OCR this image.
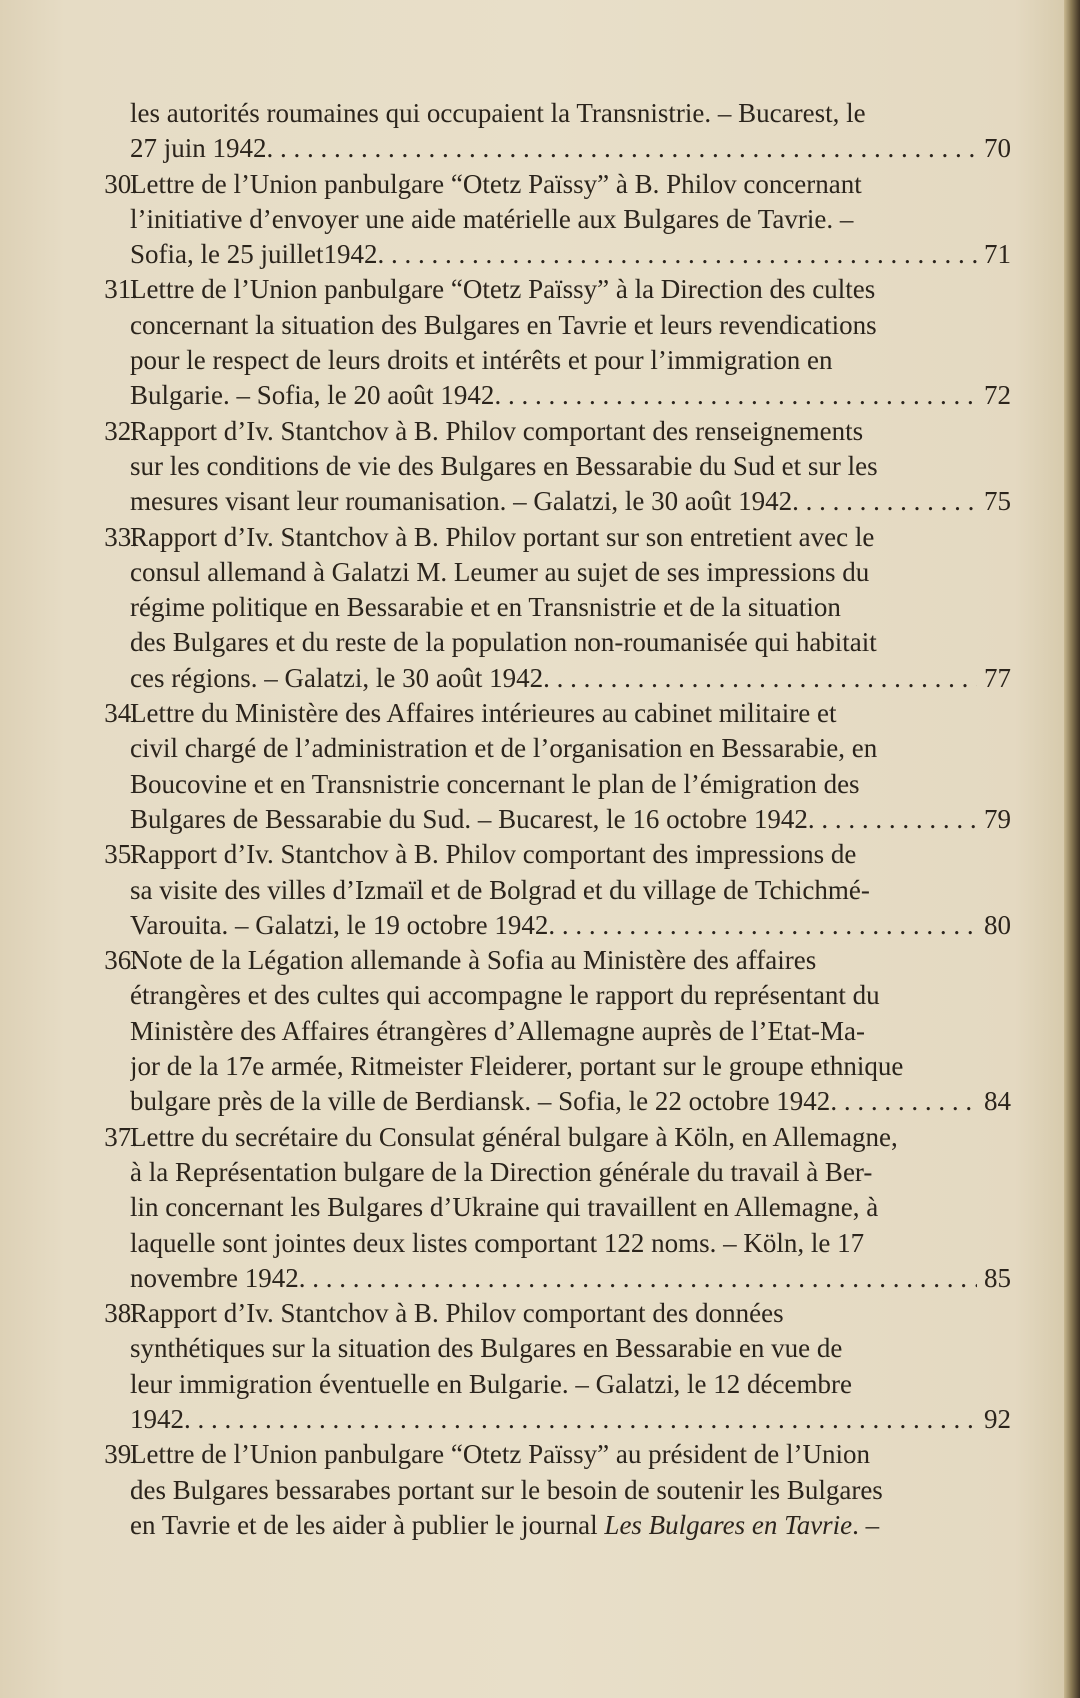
les autorités roumaines qui occupaient la Transnistrie. – Bucarest, le
27 juin 1942 . . .	70
30.
Lettre de l’Union panbulgare “Otetz Païssy” à B. Philov concernant
l’initiative d’envoyer une aide matérielle aux Bulgares de Tavrie. –
Sofia, le 25 juillet1942 . . .	71
31.
Lettre de l’Union panbulgare “Otetz Païssy” à la Direction des cultes
concernant la situation des Bulgares en Tavrie et leurs revendications
pour le respect de leurs droits et intérêts et pour l’immigration en
Bulgarie. – Sofia, le 20 août 1942 . . .	72
32.
Rapport d’Iv. Stantchov à B. Philov comportant des renseignements
sur les conditions de vie des Bulgares en Bessarabie du Sud et sur les
mesures visant leur roumanisation. – Galatzi, le 30 août 1942 . . .	75
33.
Rapport d’Iv. Stantchov à B. Philov portant sur son entretient avec le
consul allemand à Galatzi M. Leumer au sujet de ses impressions du
régime politique en Bessarabie et en Transnistrie et de la situation
des Bulgares et du reste de la population non-roumanisée qui habitait
ces régions. – Galatzi, le 30 août 1942 . . .	77
34.
Lettre du Ministère des Affaires intérieures au cabinet militaire et
civil chargé de l’administration et de l’organisation en Bessarabie, en
Boucovine et en Transnistrie concernant le plan de l’émigration des
Bulgares de Bessarabie du Sud. – Bucarest, le 16 octobre 1942 . . .	79
35.
Rapport d’Iv. Stantchov à B. Philov comportant des impressions de
sa visite des villes d’Izmaïl et de Bolgrad et du village de Tchichmé-
Varouita. – Galatzi, le 19 octobre 1942 . . .	80
36.
Note de la Légation allemande à Sofia au Ministère des affaires
étrangères et des cultes qui accompagne le rapport du représentant du
Ministère des Affaires étrangères d’Allemagne auprès de l’Etat-Ma-
jor de la 17e armée, Ritmeister Fleiderer, portant sur le groupe ethnique
bulgare près de la ville de Berdiansk. – Sofia, le 22 octobre 1942 . . .	84
37.
Lettre du secrétaire du Consulat général bulgare à Köln, en Allemagne,
à la Représentation bulgare de la Direction générale du travail à Ber-
lin concernant les Bulgares d’Ukraine qui travaillent en Allemagne, à
laquelle sont jointes deux listes comportant 122 noms. – Köln, le 17
novembre 1942 . . .	85
38.
Rapport d’Iv. Stantchov à B. Philov comportant des données
synthétiques sur la situation des Bulgares en Bessarabie en vue de
leur immigration éventuelle en Bulgarie. – Galatzi, le 12 décembre
1942 . . .	92
39.
Lettre de l’Union panbulgare “Otetz Païssy” au président de l’Union
des Bulgares bessarabes portant sur le besoin de soutenir les Bulgares
en Tavrie et de les aider à publier le journal Les Bulgares en Tavrie. –
